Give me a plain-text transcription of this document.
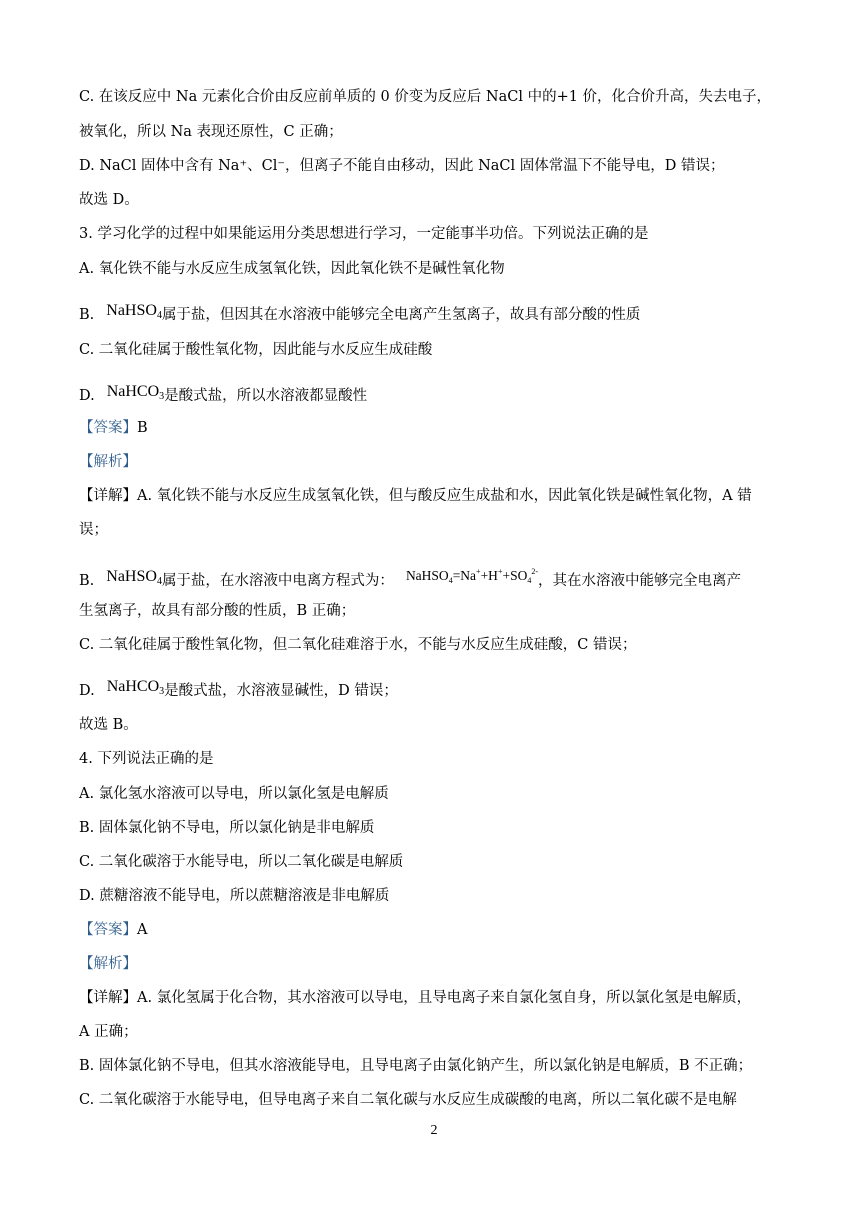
C. 在该反应中 Na 元素化合价由反应前单质的 0 价变为反应后 NaCl 中的+1 价，化合价升高，失去电子，
被氧化，所以 Na 表现还原性，C 正确；
D. NaCl 固体中含有 Na⁺、Cl⁻，但离子不能自由移动，因此 NaCl 固体常温下不能导电，D 错误；
故选 D。
3. 学习化学的过程中如果能运用分类思想进行学习，一定能事半功倍。下列说法正确的是
A. 氧化铁不能与水反应生成氢氧化铁，因此氧化铁不是碱性氧化物
B. NaHSO$_4$属于盐，但因其在水溶液中能够完全电离产生氢离子，故具有部分酸的性质
C. 二氧化硅属于酸性氧化物，因此能与水反应生成硅酸
D. NaHCO$_3$是酸式盐，所以水溶液都显酸性
【答案】B
【解析】
【详解】A. 氧化铁不能与水反应生成氢氧化铁，但与酸反应生成盐和水，因此氧化铁是碱性氧化物，A 错
误；
B. NaHSO$_4$属于盐，在水溶液中电离方程式为： $NaHSO_4=Na^++H^++SO_4^{2-}$，其在水溶液中能够完全电离产
生氢离子，故具有部分酸的性质，B 正确；
C. 二氧化硅属于酸性氧化物，但二氧化硅难溶于水，不能与水反应生成硅酸，C 错误；
D. NaHCO$_3$是酸式盐，水溶液显碱性，D 错误；
故选 B。
4. 下列说法正确的是
A. 氯化氢水溶液可以导电，所以氯化氢是电解质
B. 固体氯化钠不导电，所以氯化钠是非电解质
C. 二氧化碳溶于水能导电，所以二氧化碳是电解质
D. 蔗糖溶液不能导电，所以蔗糖溶液是非电解质
【答案】A
【解析】
【详解】A. 氯化氢属于化合物，其水溶液可以导电，且导电离子来自氯化氢自身，所以氯化氢是电解质，
A 正确；
B. 固体氯化钠不导电，但其水溶液能导电，且导电离子由氯化钠产生，所以氯化钠是电解质，B 不正确；
C. 二氧化碳溶于水能导电，但导电离子来自二氧化碳与水反应生成碳酸的电离，所以二氧化碳不是电解
2
